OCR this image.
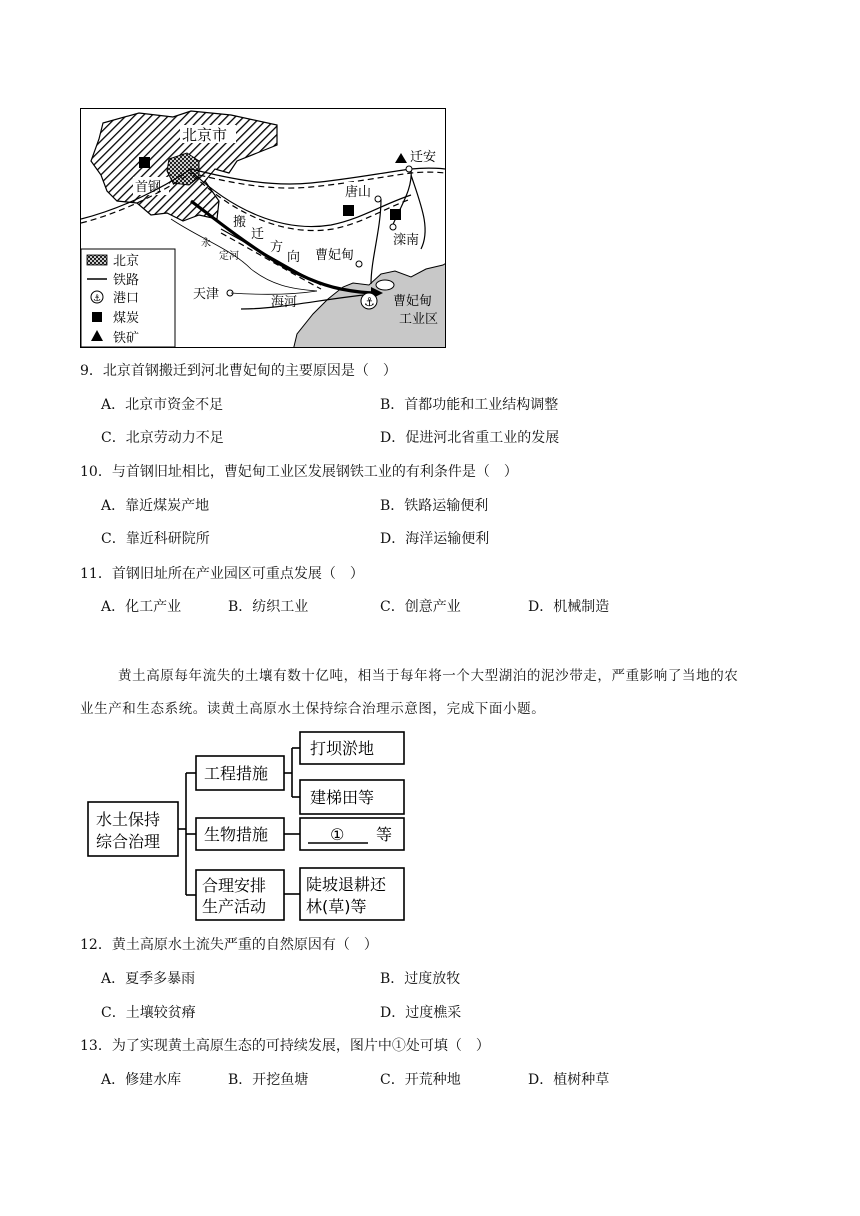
北京市
首钢
搬
迁
方
向
永
定河
迁安
唐山
滦南
曹妃甸
⚓ 曹妃甸
工业区
天津
海河
北京
铁路
⚓ 港口
煤炭
铁矿
9．北京首钢搬迁到河北曹妃甸的主要原因是（　）
A．北京市资金不足	B．首都功能和工业结构调整
C．北京劳动力不足	D．促进河北省重工业的发展
10．与首钢旧址相比，曹妃甸工业区发展钢铁工业的有利条件是（　）
A．靠近煤炭产地	B．铁路运输便利
C．靠近科研院所	D．海洋运输便利
11．首钢旧址所在产业园区可重点发展（　）
A．化工产业	B．纺织工业	C．创意产业	D．机械制造
黄土高原每年流失的土壤有数十亿吨，相当于每年将一个大型湖泊的泥沙带走，严重影响了当地的农
业生产和生态系统。读黄土高原水土保持综合治理示意图，完成下面小题。
水土保持
综合治理
工程措施
生物措施
合理安排
生产活动
打坝淤地
建梯田等
① 等
陡坡退耕还
林(草)等
12．黄土高原水土流失严重的自然原因有（　）
A．夏季多暴雨	B．过度放牧
C．土壤较贫瘠	D．过度樵采
13．为了实现黄土高原生态的可持续发展，图片中①处可填（　）
A．修建水库	B．开挖鱼塘	C．开荒种地	D．植树种草
